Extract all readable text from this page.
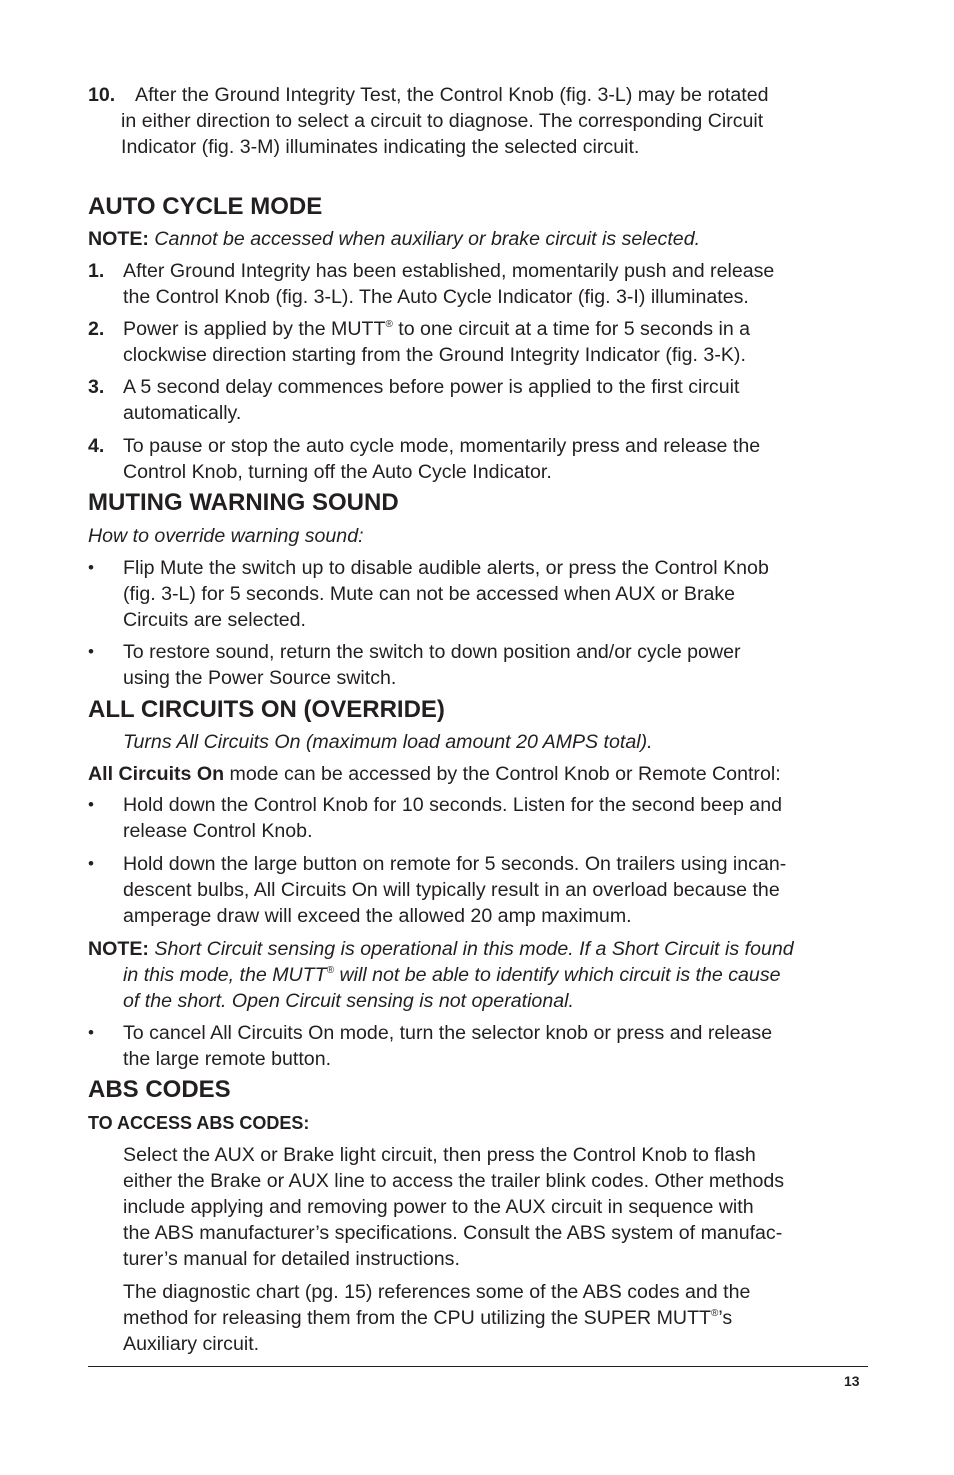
10. After the Ground Integrity Test, the Control Knob (fig. 3-L) may be rotated
in either direction to select a circuit to diagnose. The corresponding Circuit
Indicator (fig. 3-M) illuminates indicating the selected circuit.
AUTO CYCLE MODE
NOTE: Cannot be accessed when auxiliary or brake circuit is selected.
1. After Ground Integrity has been established, momentarily push and release
the Control Knob (fig. 3-L). The Auto Cycle Indicator (fig. 3-I) illuminates.
2. Power is applied by the MUTT® to one circuit at a time for 5 seconds in a
clockwise direction starting from the Ground Integrity Indicator (fig. 3-K).
3. A 5 second delay commences before power is applied to the first circuit
automatically.
4. To pause or stop the auto cycle mode, momentarily press and release the
Control Knob, turning off the Auto Cycle Indicator.
MUTING WARNING SOUND
How to override warning sound:
• Flip Mute the switch up to disable audible alerts, or press the Control Knob
(fig. 3-L) for 5 seconds. Mute can not be accessed when AUX or Brake
Circuits are selected.
• To restore sound, return the switch to down position and/or cycle power
using the Power Source switch.
ALL CIRCUITS ON (OVERRIDE)
Turns All Circuits On (maximum load amount 20 AMPS total).
All Circuits On mode can be accessed by the Control Knob or Remote Control:
• Hold down the Control Knob for 10 seconds. Listen for the second beep and
release Control Knob.
• Hold down the large button on remote for 5 seconds. On trailers using incan-
descent bulbs, All Circuits On will typically result in an overload because the
amperage draw will exceed the allowed 20 amp maximum.
NOTE: Short Circuit sensing is operational in this mode. If a Short Circuit is found
in this mode, the MUTT® will not be able to identify which circuit is the cause
of the short. Open Circuit sensing is not operational.
• To cancel All Circuits On mode, turn the selector knob or press and release
the large remote button.
ABS CODES
TO ACCESS ABS CODES:
Select the AUX or Brake light circuit, then press the Control Knob to flash
either the Brake or AUX line to access the trailer blink codes. Other methods
include applying and removing power to the AUX circuit in sequence with
the ABS manufacturer’s specifications. Consult the ABS system of manufac-
turer’s manual for detailed instructions.
The diagnostic chart (pg. 15) references some of the ABS codes and the
method for releasing them from the CPU utilizing the SUPER MUTT®’s
Auxiliary circuit.
13
